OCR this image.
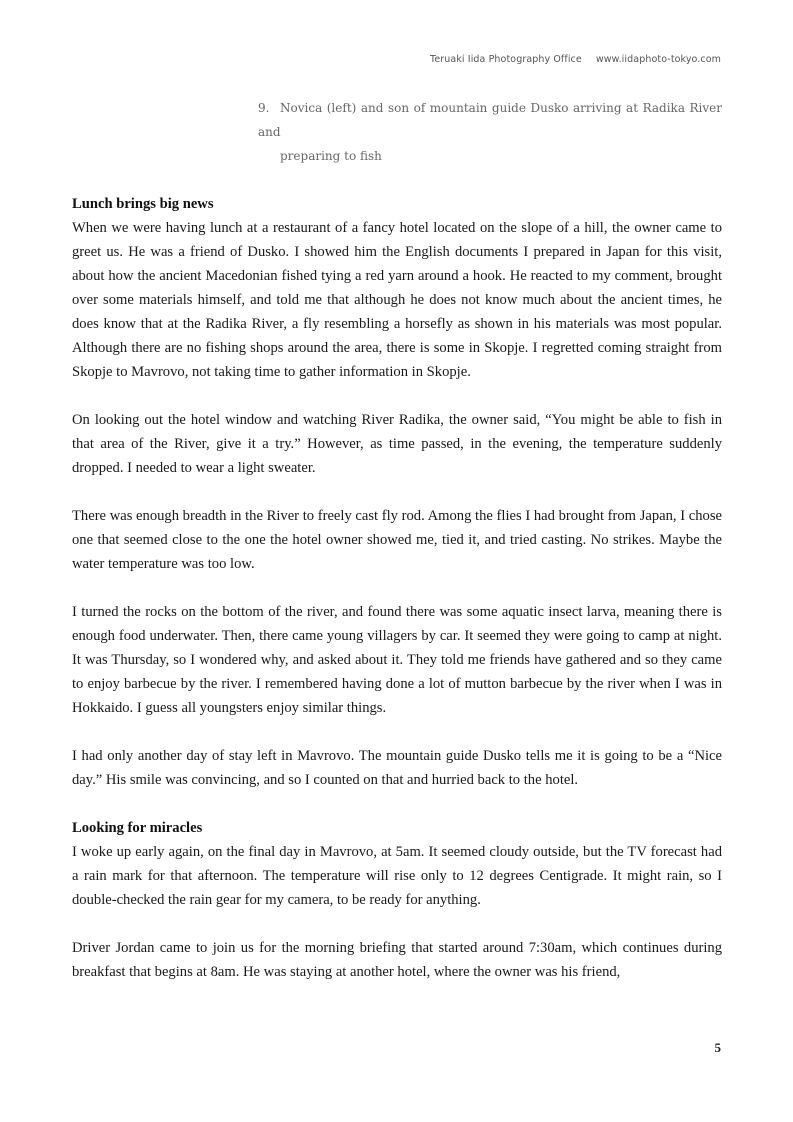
Teruaki Iida Photography Office www.iidaphoto-tokyo.com
9. Novica (left) and son of mountain guide Dusko arriving at Radika River and
preparing to fish
Lunch brings big news

When we were having lunch at a restaurant of a fancy hotel located on the slope of a hill, the owner came to greet us. He was a friend of Dusko. I showed him the English documents I prepared in Japan for this visit, about how the ancient Macedonian fished tying a red yarn around a hook. He reacted to my comment, brought over some materials himself, and told me that although he does not know much about the ancient times, he does know that at the Radika River, a fly resembling a horsefly as shown in his materials was most popular. Although there are no fishing shops around the area, there is some in Skopje. I regretted coming straight from Skopje to Mavrovo, not taking time to gather information in Skopje.

On looking out the hotel window and watching River Radika, the owner said, “You might be able to fish in that area of the River, give it a try.” However, as time passed, in the evening, the temperature suddenly dropped. I needed to wear a light sweater.

There was enough breadth in the River to freely cast fly rod. Among the flies I had brought from Japan, I chose one that seemed close to the one the hotel owner showed me, tied it, and tried casting. No strikes. Maybe the water temperature was too low.

I turned the rocks on the bottom of the river, and found there was some aquatic insect larva, meaning there is enough food underwater. Then, there came young villagers by car. It seemed they were going to camp at night. It was Thursday, so I wondered why, and asked about it. They told me friends have gathered and so they came to enjoy barbecue by the river. I remembered having done a lot of mutton barbecue by the river when I was in Hokkaido. I guess all youngsters enjoy similar things.

I had only another day of stay left in Mavrovo. The mountain guide Dusko tells me it is going to be a “Nice day.” His smile was convincing, and so I counted on that and hurried back to the hotel.

Looking for miracles

I woke up early again, on the final day in Mavrovo, at 5am. It seemed cloudy outside, but the TV forecast had a rain mark for that afternoon. The temperature will rise only to 12 degrees Centigrade. It might rain, so I double-checked the rain gear for my camera, to be ready for anything.

Driver Jordan came to join us for the morning briefing that started around 7:30am, which continues during breakfast that begins at 8am. He was staying at another hotel, where the owner was his friend,

5
